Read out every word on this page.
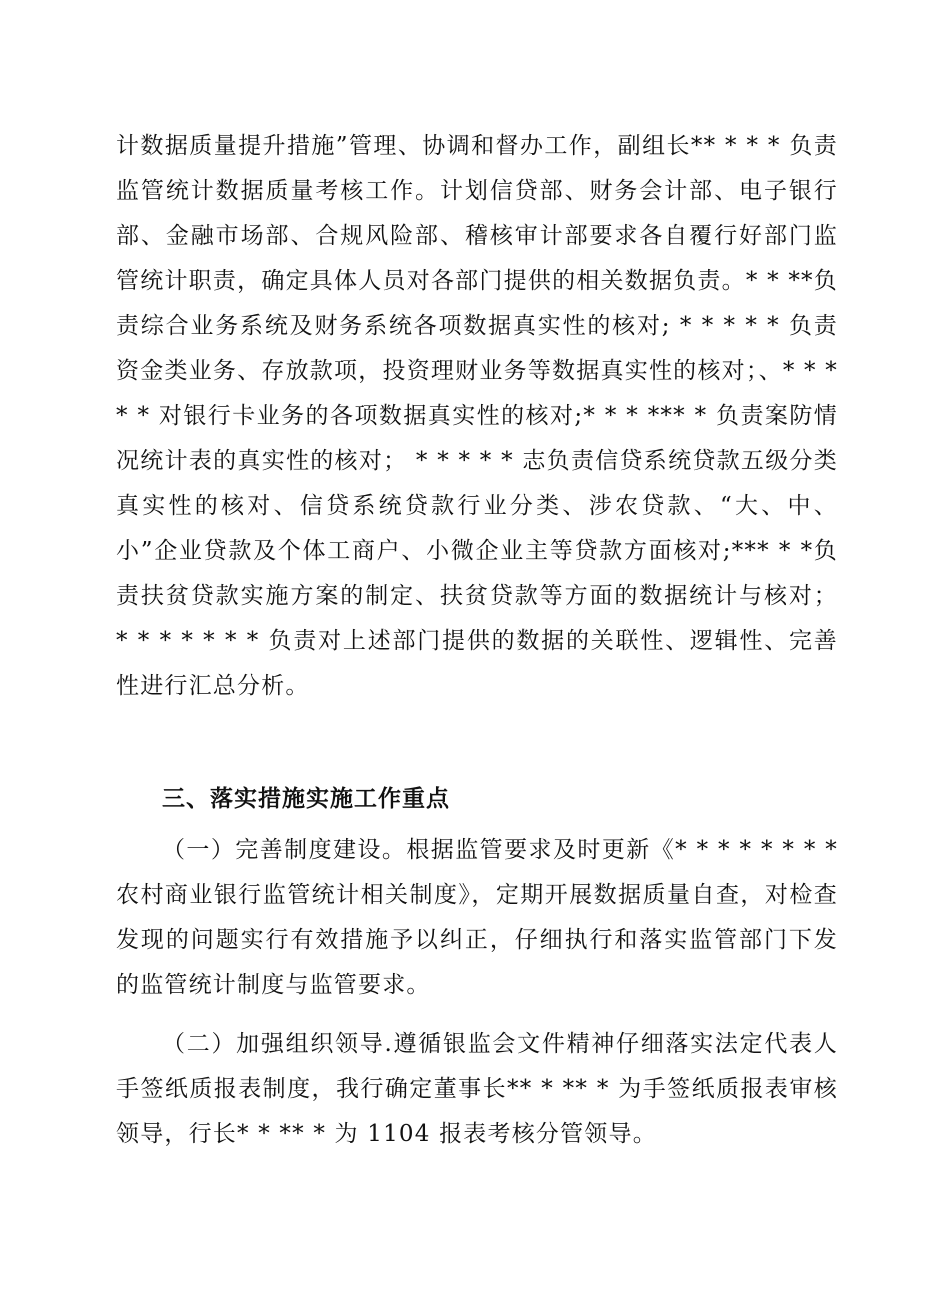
计数据质量提升措施”管理、协调和督办工作，副组长** * * * 负责监管统计数据质量考核工作。计划信贷部、财务会计部、电子银行部、金融市场部、合规风险部、稽核审计部要求各自覆行好部门监管统计职责，确定具体人员对各部门提供的相关数据负责。* * **负责综合业务系统及财务系统各项数据真实性的核对; * * * * * 负责资金类业务、存放款项，投资理财业务等数据真实性的核对；、* * * * * 对银行卡业务的各项数据真实性的核对;* * * *** * 负责案防情况统计表的真实性的核对； * * * * * 志负责信贷系统贷款五级分类真实性的核对、信贷系统贷款行业分类、涉农贷款、“大、中、小”企业贷款及个体工商户、小微企业主等贷款方面核对;*** * *负责扶贫贷款实施方案的制定、扶贫贷款等方面的数据统计与核对； * * * * * * * 负责对上述部门提供的数据的关联性、逻辑性、完善性进行汇总分析。

三、落实措施实施工作重点

（一）完善制度建设。根据监管要求及时更新《* * * * * * * *农村商业银行监管统计相关制度》，定期开展数据质量自查，对检查发现的问题实行有效措施予以纠正，仔细执行和落实监管部门下发的监管统计制度与监管要求。

（二）加强组织领导.遵循银监会文件精神仔细落实法定代表人手签纸质报表制度，我行确定董事长** * ** * 为手签纸质报表审核领导，行长* * ** * 为 1104 报表考核分管领导。
